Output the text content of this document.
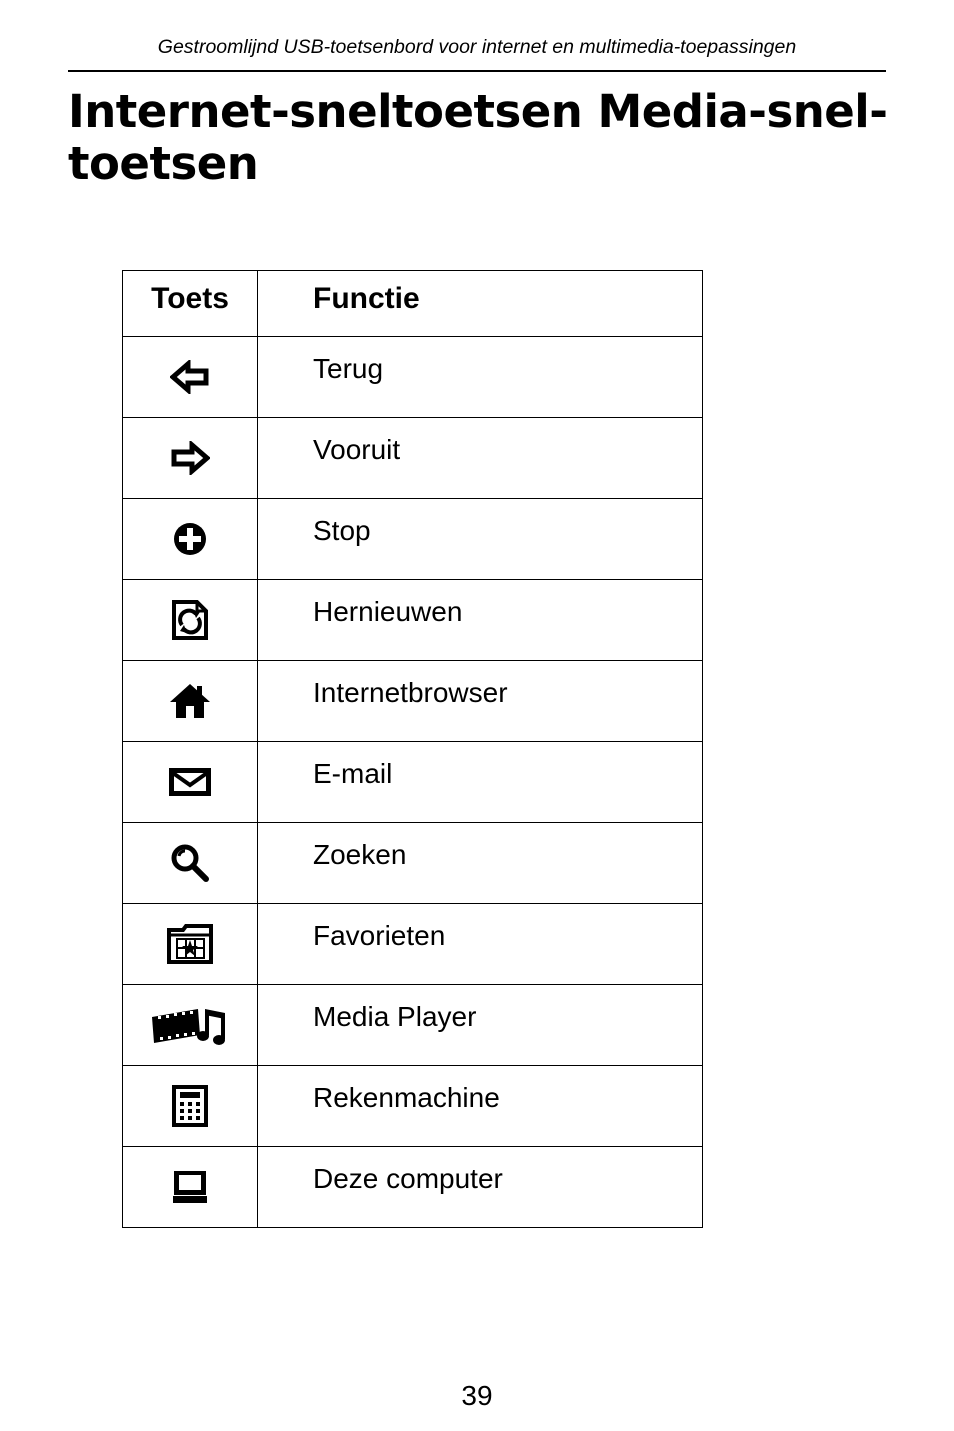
Gestroomlijnd USB-toetsenbord voor internet en multimedia-toepassingen
Internet-sneltoetsen Media-snel-
toetsen
Toets	Functie

	Terug

	Vooruit

	Stop

	Hernieuwen

	Internetbrowser

	E-mail

	Zoeken

	Favorieten

	Media Player

	Rekenmachine

	Deze computer
39
